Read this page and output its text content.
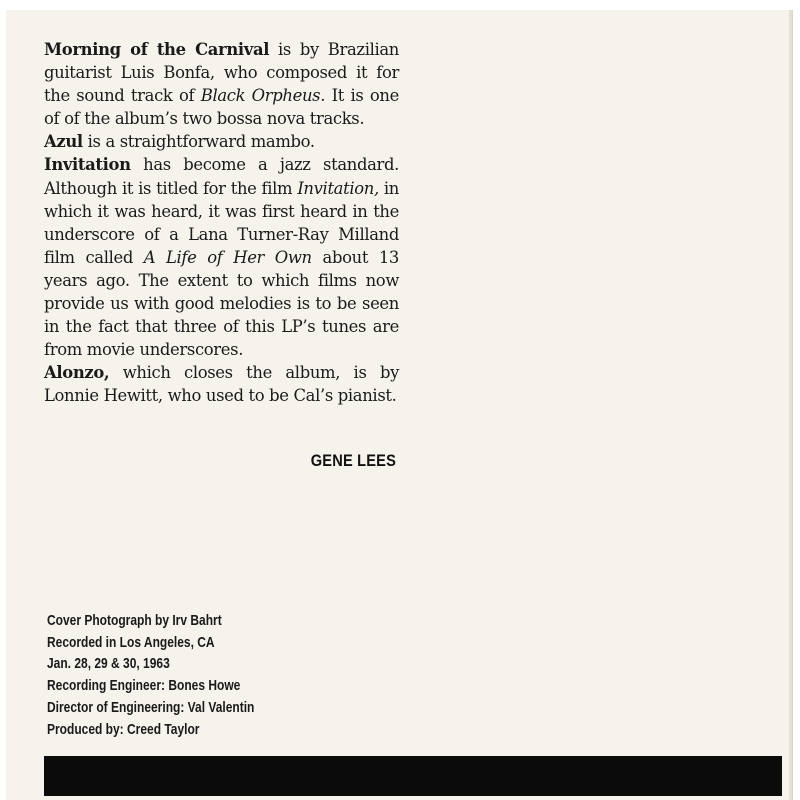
Morning of the Carnival is by Brazilian guitarist Luis Bonfa, who composed it for the sound track of Black Orpheus. It is one of of the album’s two bossa nova tracks.

Azul is a straightforward mambo.

Invitation has become a jazz standard. Although it is titled for the film Invitation, in which it was heard, it was first heard in the underscore of a Lana Turner-Ray Milland film called A Life of Her Own about 13 years ago. The extent to which films now provide us with good melodies is to be seen in the fact that three of this LP’s tunes are from movie underscores.

Alonzo, which closes the album, is by Lonnie Hewitt, who used to be Cal’s pianist.

GENE LEES
Cover Photograph by Irv Bahrt
Recorded in Los Angeles, CA
Jan. 28, 29 & 30, 1963
Recording Engineer: Bones Howe
Director of Engineering: Val Valentin
Produced by: Creed Taylor
